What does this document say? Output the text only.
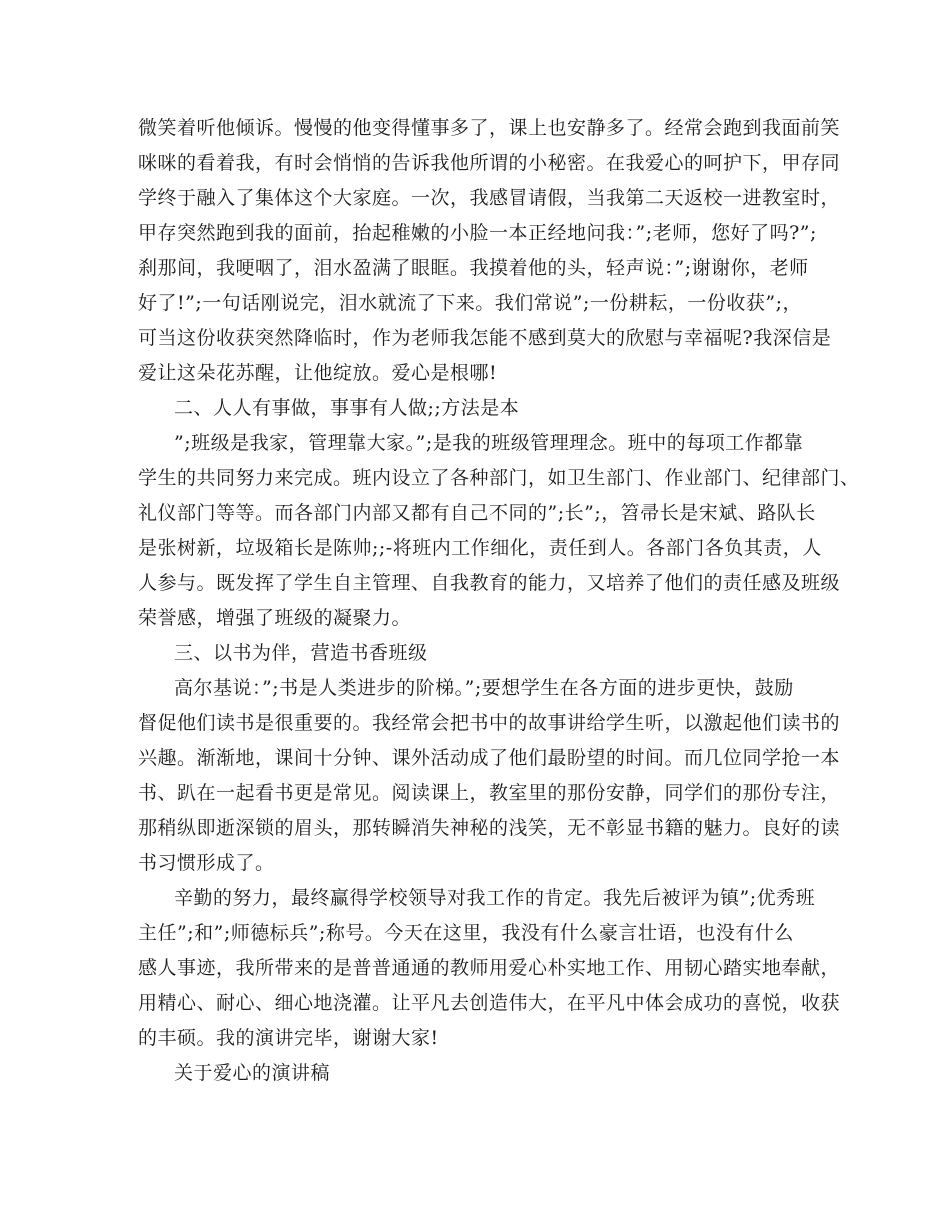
微笑着听他倾诉。慢慢的他变得懂事多了，课上也安静多了。经常会跑到我面前笑
咪咪的看着我，有时会悄悄的告诉我他所谓的小秘密。在我爱心的呵护下，甲存同
学终于融入了集体这个大家庭。一次，我感冒请假，当我第二天返校一进教室时，
甲存突然跑到我的面前，抬起稚嫩的小脸一本正经地问我：”;老师，您好了吗?”;
刹那间，我哽咽了，泪水盈满了眼眶。我摸着他的头，轻声说：”;谢谢你，老师
好了!”;一句话刚说完，泪水就流了下来。我们常说”;一份耕耘，一份收获”;，
可当这份收获突然降临时，作为老师我怎能不感到莫大的欣慰与幸福呢?我深信是
爱让这朵花苏醒，让他绽放。爱心是根哪!
二、人人有事做，事事有人做;;方法是本
”;班级是我家，管理靠大家。”;是我的班级管理理念。班中的每项工作都靠
学生的共同努力来完成。班内设立了各种部门，如卫生部门、作业部门、纪律部门、
礼仪部门等等。而各部门内部又都有自己不同的”;长”;，笤帚长是宋斌、路队长
是张树新，垃圾箱长是陈帅;;-将班内工作细化，责任到人。各部门各负其责，人
人参与。既发挥了学生自主管理、自我教育的能力，又培养了他们的责任感及班级
荣誉感，增强了班级的凝聚力。
三、以书为伴，营造书香班级
高尔基说：”;书是人类进步的阶梯。”;要想学生在各方面的进步更快，鼓励
督促他们读书是很重要的。我经常会把书中的故事讲给学生听，以激起他们读书的
兴趣。渐渐地，课间十分钟、课外活动成了他们最盼望的时间。而几位同学抢一本
书、趴在一起看书更是常见。阅读课上，教室里的那份安静，同学们的那份专注，
那稍纵即逝深锁的眉头，那转瞬消失神秘的浅笑，无不彰显书籍的魅力。良好的读
书习惯形成了。
辛勤的努力，最终赢得学校领导对我工作的肯定。我先后被评为镇”;优秀班
主任”;和”;师德标兵”;称号。今天在这里，我没有什么豪言壮语，也没有什么
感人事迹，我所带来的是普普通通的教师用爱心朴实地工作、用韧心踏实地奉献，
用精心、耐心、细心地浇灌。让平凡去创造伟大，在平凡中体会成功的喜悦，收获
的丰硕。我的演讲完毕，谢谢大家!
关于爱心的演讲稿
